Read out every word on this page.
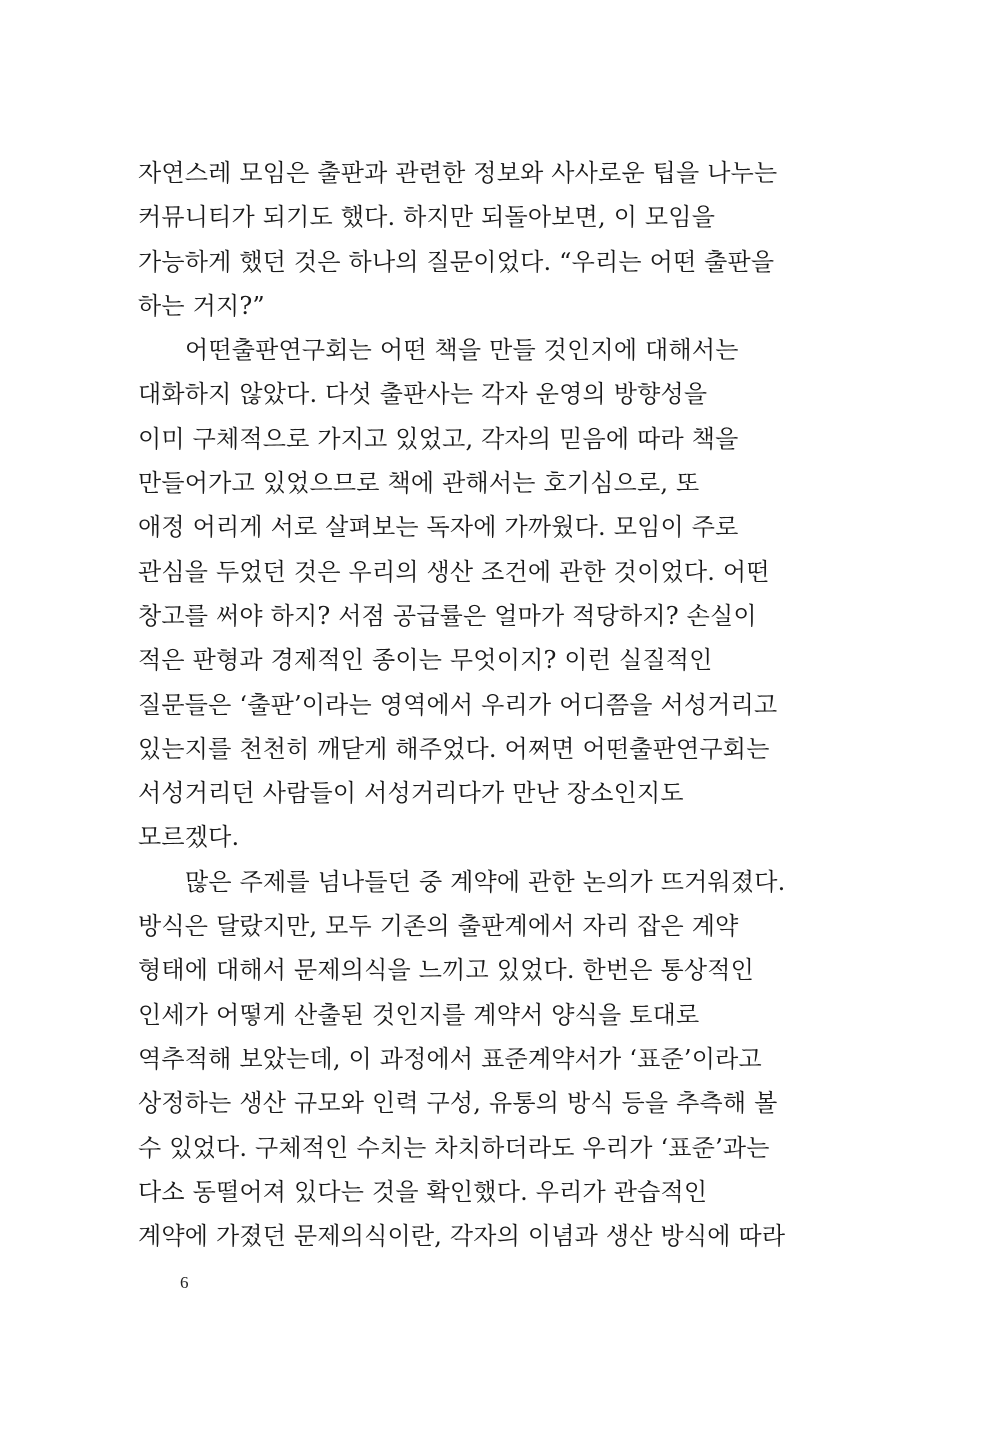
자연스레 모임은 출판과 관련한 정보와 사사로운 팁을 나누는
커뮤니티가 되기도 했다. 하지만 되돌아보면, 이 모임을
가능하게 했던 것은 하나의 질문이었다. “우리는 어떤 출판을
하는 거지?”
어떤출판연구회는 어떤 책을 만들 것인지에 대해서는
대화하지 않았다. 다섯 출판사는 각자 운영의 방향성을
이미 구체적으로 가지고 있었고, 각자의 믿음에 따라 책을
만들어가고 있었으므로 책에 관해서는 호기심으로, 또
애정 어리게 서로 살펴보는 독자에 가까웠다. 모임이 주로
관심을 두었던 것은 우리의 생산 조건에 관한 것이었다. 어떤
창고를 써야 하지? 서점 공급률은 얼마가 적당하지? 손실이
적은 판형과 경제적인 종이는 무엇이지? 이런 실질적인
질문들은 ‘출판’이라는 영역에서 우리가 어디쯤을 서성거리고
있는지를 천천히 깨닫게 해주었다. 어쩌면 어떤출판연구회는
서성거리던 사람들이 서성거리다가 만난 장소인지도
모르겠다.
많은 주제를 넘나들던 중 계약에 관한 논의가 뜨거워졌다.
방식은 달랐지만, 모두 기존의 출판계에서 자리 잡은 계약
형태에 대해서 문제의식을 느끼고 있었다. 한번은 통상적인
인세가 어떻게 산출된 것인지를 계약서 양식을 토대로
역추적해 보았는데, 이 과정에서 표준계약서가 ‘표준’이라고
상정하는 생산 규모와 인력 구성, 유통의 방식 등을 추측해 볼
수 있었다. 구체적인 수치는 차치하더라도 우리가 ‘표준’과는
다소 동떨어져 있다는 것을 확인했다. 우리가 관습적인
계약에 가졌던 문제의식이란, 각자의 이념과 생산 방식에 따라
6
